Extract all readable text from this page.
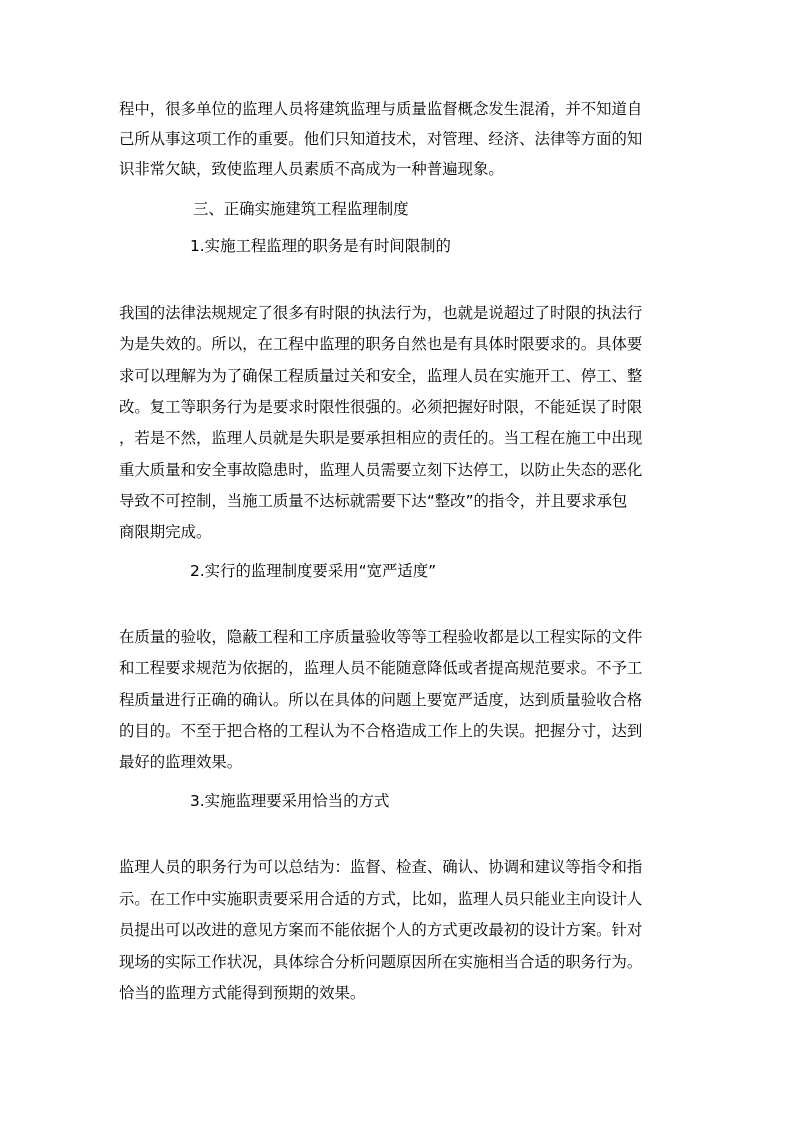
程中，很多单位的监理人员将建筑监理与质量监督概念发生混淆，并不知道自
己所从事这项工作的重要。他们只知道技术，对管理、经济、法律等方面的知
识非常欠缺，致使监理人员素质不高成为一种普遍现象。
三、正确实施建筑工程监理制度
1.实施工程监理的职务是有时间限制的
我国的法律法规规定了很多有时限的执法行为，也就是说超过了时限的执法行
为是失效的。所以，在工程中监理的职务自然也是有具体时限要求的。具体要
求可以理解为为了确保工程质量过关和安全，监理人员在实施开工、停工、整
改。复工等职务行为是要求时限性很强的。必须把握好时限，不能延误了时限
，若是不然，监理人员就是失职是要承担相应的责任的。当工程在施工中出现
重大质量和安全事故隐患时，监理人员需要立刻下达停工，以防止失态的恶化
导致不可控制，当施工质量不达标就需要下达“整改”的指令，并且要求承包
商限期完成。
2.实行的监理制度要采用“宽严适度”
在质量的验收，隐蔽工程和工序质量验收等等工程验收都是以工程实际的文件
和工程要求规范为依据的，监理人员不能随意降低或者提高规范要求。不予工
程质量进行正确的确认。所以在具体的问题上要宽严适度，达到质量验收合格
的目的。不至于把合格的工程认为不合格造成工作上的失误。把握分寸，达到
最好的监理效果。
3.实施监理要采用恰当的方式
监理人员的职务行为可以总结为：监督、检查、确认、协调和建议等指令和指
示。在工作中实施职责要采用合适的方式，比如，监理人员只能业主向设计人
员提出可以改进的意见方案而不能依据个人的方式更改最初的设计方案。针对
现场的实际工作状况，具体综合分析问题原因所在实施相当合适的职务行为。
恰当的监理方式能得到预期的效果。
